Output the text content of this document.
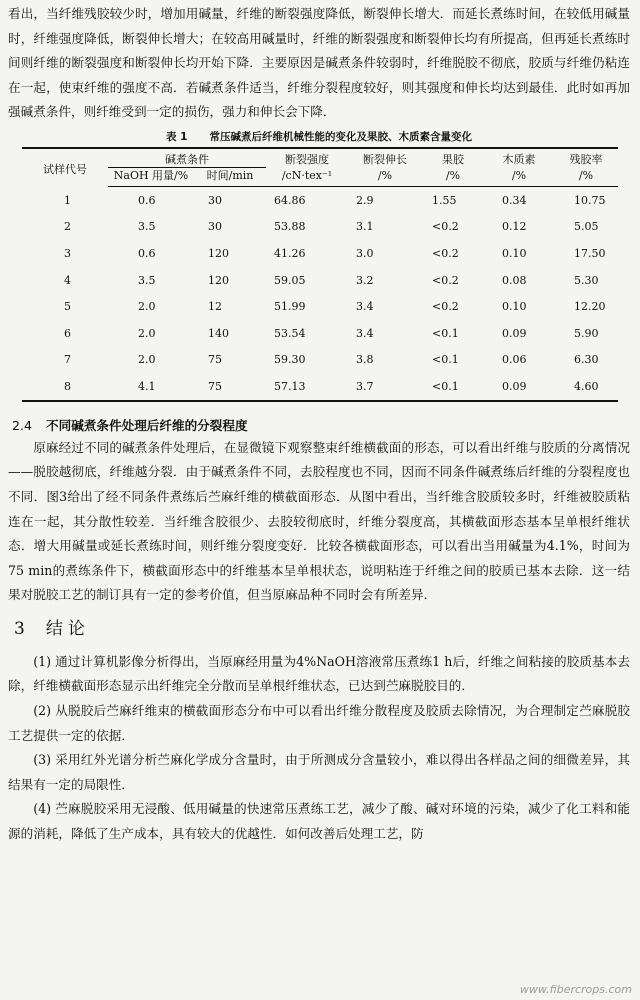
看出，当纤维残胶较少时，增加用碱量，纤维的断裂强度降低，断裂伸长增大．而延长煮练时间，在较低用碱量时，纤维强度降低，断裂伸长增大；在较高用碱量时，纤维的断裂强度和断裂伸长均有所提高，但再延长煮练时间则纤维的断裂强度和断裂伸长均开始下降．主要原因是碱煮条件较弱时，纤维脱胶不彻底，胶质与纤维仍粘连在一起，使束纤维的强度不高．若碱煮条件适当，纤维分裂程度较好，则其强度和伸长均达到最佳．此时如再加强碱煮条件，则纤维受到一定的损伤，强力和伸长会下降．

表 1 常压碱煮后纤维机械性能的变化及果胶、木质素含量变化
试样代号	碱煮条件		断裂强度	断裂伸长	果胶	木质素	残胶率
	NaOH 用量/%	时间/min	/cN·tex⁻¹	/%	/%	/%	/%
1	0.6	30	64.86	2.9	1.55	0.34	10.75
2	3.5	30	53.88	3.1	<0.2	0.12	5.05
3	0.6	120	41.26	3.0	<0.2	0.10	17.50
4	3.5	120	59.05	3.2	<0.2	0.08	5.30
5	2.0	12	51.99	3.4	<0.2	0.10	12.20
6	2.0	140	53.54	3.4	<0.1	0.09	5.90
7	2.0	75	59.30	3.8	<0.1	0.06	6.30
8	4.1	75	57.13	3.7	<0.1	0.09	4.60
2.4 不同碱煮条件处理后纤维的分裂程度

原麻经过不同的碱煮条件处理后，在显微镜下观察整束纤维横截面的形态，可以看出纤维与胶质的分离情况——脱胶越彻底，纤维越分裂．由于碱煮条件不同，去胶程度也不同，因而不同条件碱煮练后纤维的分裂程度也不同．图3给出了经不同条件煮练后苎麻纤维的横截面形态．从图中看出，当纤维含胶质较多时，纤维被胶质粘连在一起，其分散性较差．当纤维含胶很少、去胶较彻底时，纤维分裂度高，其横截面形态基本呈单根纤维状态．增大用碱量或延长煮练时间，则纤维分裂度变好．比较各横截面形态，可以看出当用碱量为4.1%，时间为75 min的煮练条件下，横截面形态中的纤维基本呈单根状态，说明粘连于纤维之间的胶质已基本去除．这一结果对脱胶工艺的制订具有一定的参考价值，但当原麻品种不同时会有所差异．

3 结论

(1) 通过计算机影像分析得出，当原麻经用量为4%NaOH溶液常压煮练1 h后，纤维之间粘接的胶质基本去除，纤维横截面形态显示出纤维完全分散而呈单根纤维状态，已达到苎麻脱胶目的．

(2) 从脱胶后苎麻纤维束的横截面形态分布中可以看出纤维分散程度及胶质去除情况，为合理制定苎麻脱胶工艺提供一定的依据．

(3) 采用红外光谱分析苎麻化学成分含量时，由于所测成分含量较小，难以得出各样品之间的细微差异，其结果有一定的局限性．

(4) 苎麻脱胶采用无浸酸、低用碱量的快速常压煮练工艺，减少了酸、碱对环境的污染，减少了化工料和能源的消耗，降低了生产成本，具有较大的优越性．如何改善后处理工艺，防

www.fibercrops.com
